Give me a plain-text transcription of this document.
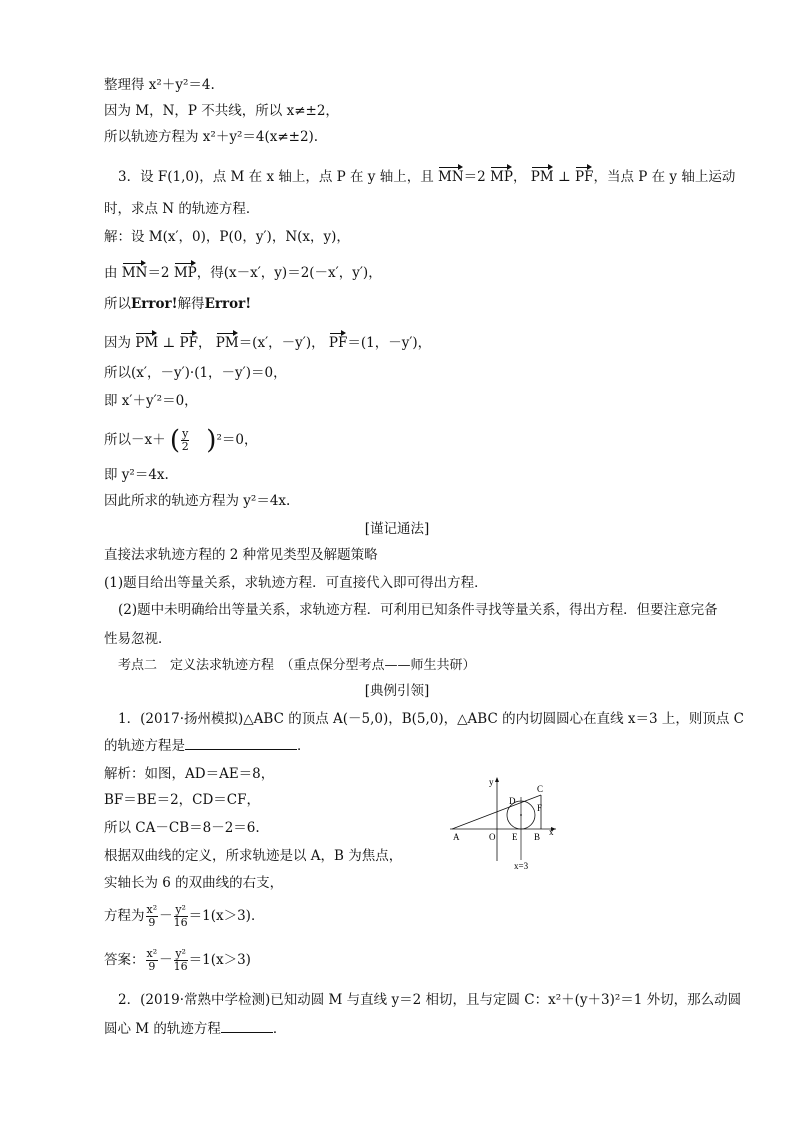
整理得 x²＋y²＝4.
因为 M，N，P 不共线，所以 x≠±2，
所以轨迹方程为 x²＋y²＝4(x≠±2).
3．设 F(1,0)，点 M 在 x 轴上，点 P 在 y 轴上，且 MN＝2 MP， PM ⊥ PF，当点 P 在 y 轴上运动
时，求点 N 的轨迹方程．
解：设 M(x′，0)，P(0，y′)，N(x，y)，
由 MN＝2 MP，得(x－x′，y)＝2(－x′，y′)，
所以Error!解得Error!
因为 PM ⊥ PF， PM＝(x′，－y′)， PF＝(1，－y′)，
所以(x′，－y′)·(1，－y′)＝0，
即 x′＋y′²＝0，
所以－x＋ ( $\frac{y}{2} )^2=0$，
即 y²＝4x.
因此所求的轨迹方程为 y²＝4x.
[谨记通法]
直接法求轨迹方程的 2 种常见类型及解题策略
(1)题目给出等量关系，求轨迹方程．可直接代入即可得出方程．
(2)题中未明确给出等量关系，求轨迹方程．可利用已知条件寻找等量关系，得出方程．但要注意完备
性易忽视．
考点二　定义法求轨迹方程　（重点保分型考点——师生共研）
[典例引领]
1．(2017·扬州模拟)△ABC 的顶点 A(－5,0)，B(5,0)，△ABC 的内切圆圆心在直线 x＝3 上，则顶点 C
的轨迹方程是	．
解析：如图，AD＝AE＝8，
BF＝BE＝2，CD＝CF，
所以 CA－CB＝8－2＝6.
根据双曲线的定义，所求轨迹是以 A，B 为焦点，
实轴长为 6 的双曲线的右支，
方程为 $\frac{\text{x²}}{9} - \frac{\text{y²}}{16} =1(x>3)$．
答案： $\frac{\text{x²}}{9} - \frac{\text{y²}}{16} =1(x>3)$
y
C
D
F
A	O E B x
x=3
2．(2019·常熟中学检测)已知动圆 M 与直线 y＝2 相切，且与定圆 C：x²＋(y＋3)²＝1 外切，那么动圆
圆心 M 的轨迹方程	．
